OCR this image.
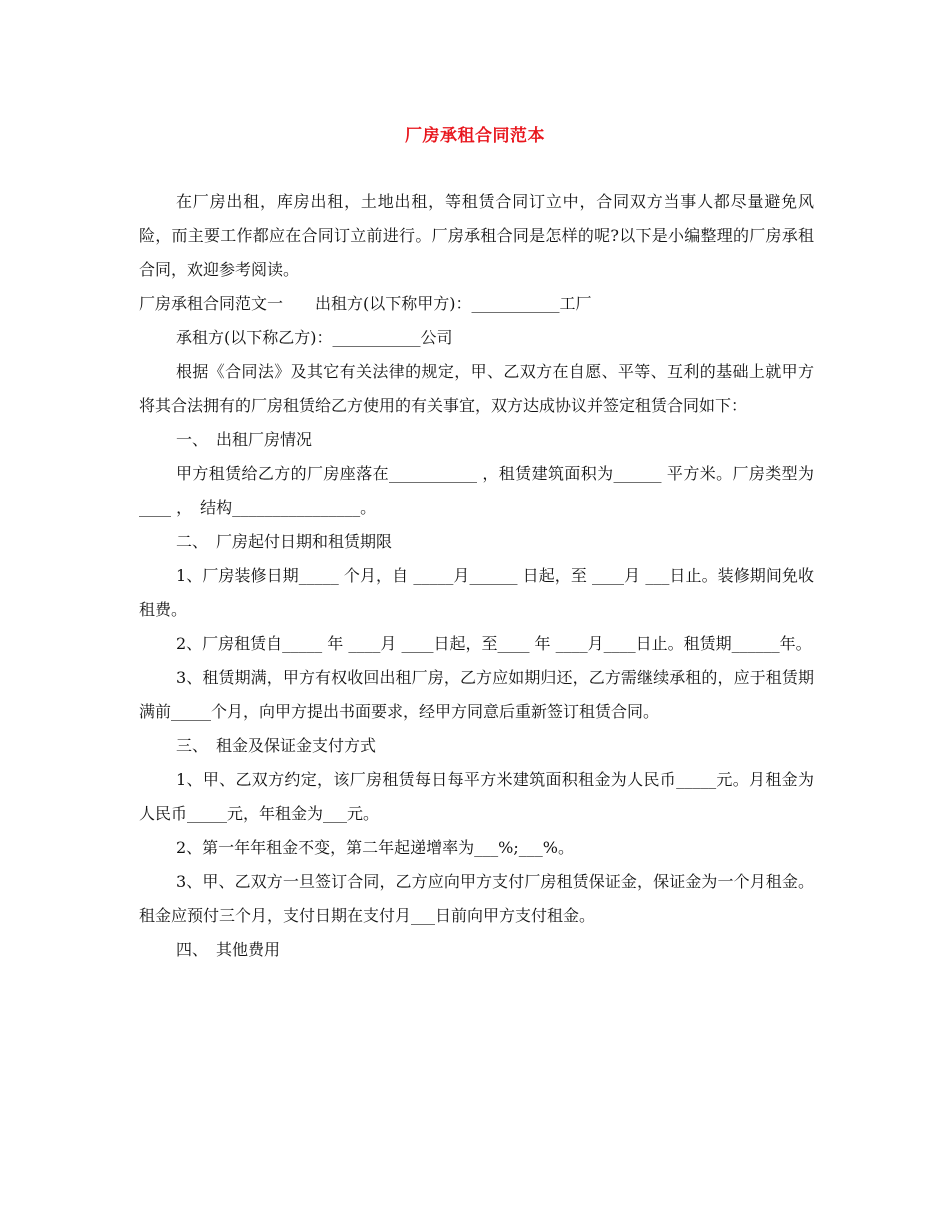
厂房承租合同范本

在厂房出租，库房出租，土地出租，等租赁合同订立中，合同双方当事人都尽量避免风险，而主要工作都应在合同订立前进行。厂房承租合同是怎样的呢?以下是小编整理的厂房承租合同，欢迎参考阅读。

厂房承租合同范文一　　出租方(以下称甲方)：___________工厂

承租方(以下称乙方)：___________公司

根据《合同法》及其它有关法律的规定，甲、乙双方在自愿、平等、互利的基础上就甲方将其合法拥有的厂房租赁给乙方使用的有关事宜，双方达成协议并签定租赁合同如下：

一、　出租厂房情况

甲方租赁给乙方的厂房座落在___________ ，租赁建筑面积为______ 平方米。厂房类型为____ ，　结构________________。

二、　厂房起付日期和租赁期限

1、厂房装修日期_____ 个月，自 _____月______ 日起，至 ____月 ___日止。装修期间免收租费。

2、厂房租赁自_____ 年 ____月 ____日起，至____ 年 ____月____日止。租赁期______年。

3、租赁期满，甲方有权收回出租厂房，乙方应如期归还，乙方需继续承租的，应于租赁期满前_____个月，向甲方提出书面要求，经甲方同意后重新签订租赁合同。

三、　租金及保证金支付方式

1、甲、乙双方约定，该厂房租赁每日每平方米建筑面积租金为人民币_____元。月租金为人民币_____元，年租金为___元。

2、第一年年租金不变，第二年起递增率为___%;___%。

3、甲、乙双方一旦签订合同，乙方应向甲方支付厂房租赁保证金，保证金为一个月租金。租金应预付三个月，支付日期在支付月___日前向甲方支付租金。

四、　其他费用
